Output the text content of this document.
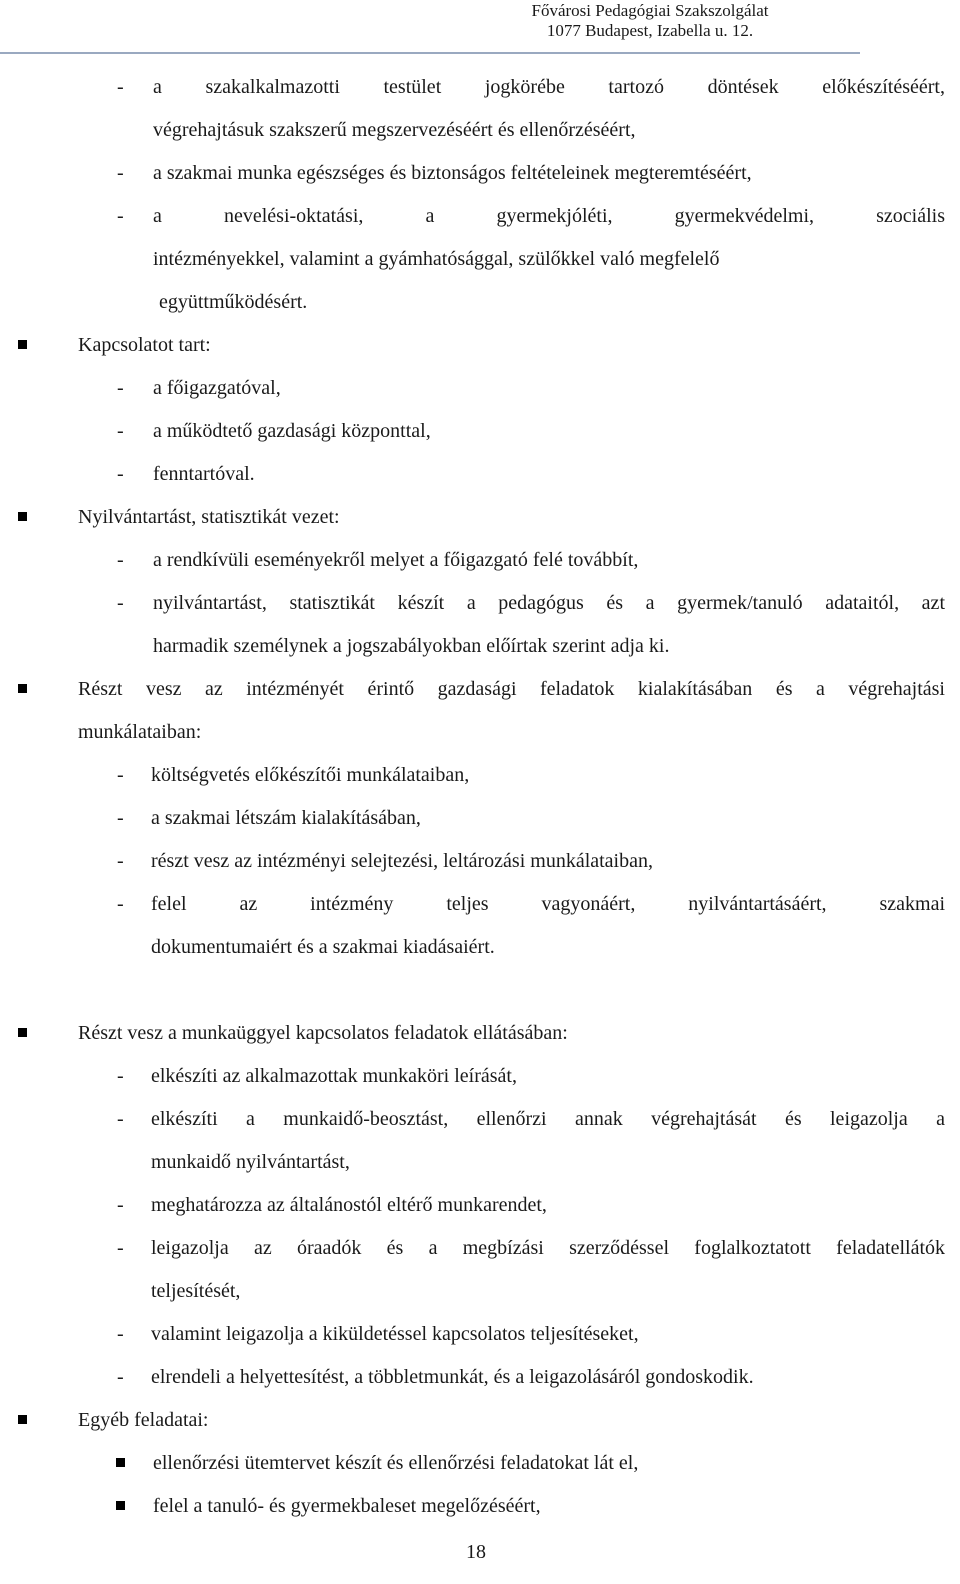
Fővárosi Pedagógiai Szakszolgálat
1077 Budapest, Izabella u. 12.
- a szakalkalmazotti testület jogkörébe tartozó döntések előkészítéséért,
végrehajtásuk szakszerű megszervezéséért és ellenőrzéséért,
- a szakmai munka egészséges és biztonságos feltételeinek megteremtéséért,
- a nevelési-oktatási, a gyermekjóléti, gyermekvédelmi, szociális
intézményekkel, valamint a gyámhatósággal, szülőkkel való megfelelő
együttműködésért.
Kapcsolatot tart:
- a főigazgatóval,
- a működtető gazdasági központtal,
- fenntartóval.
Nyilvántartást, statisztikát vezet:
- a rendkívüli eseményekről melyet a főigazgató felé továbbít,
- nyilvántartást, statisztikát készít a pedagógus és a gyermek/tanuló adataitól, azt
harmadik személynek a jogszabályokban előírtak szerint adja ki.
Részt vesz az intézményét érintő gazdasági feladatok kialakításában és a végrehajtási
munkálataiban:
- költségvetés előkészítői munkálataiban,
- a szakmai létszám kialakításában,
- részt vesz az intézményi selejtezési, leltározási munkálataiban,
- felel az intézmény teljes vagyonáért, nyilvántartásáért, szakmai
dokumentumaiért és a szakmai kiadásaiért.
Részt vesz a munkaüggyel kapcsolatos feladatok ellátásában:
- elkészíti az alkalmazottak munkaköri leírását,
- elkészíti a munkaidő-beosztást, ellenőrzi annak végrehajtását és leigazolja a
munkaidő nyilvántartást,
- meghatározza az általánostól eltérő munkarendet,
- leigazolja az óraadók és a megbízási szerződéssel foglalkoztatott feladatellátók
teljesítését,
- valamint leigazolja a kiküldetéssel kapcsolatos teljesítéseket,
- elrendeli a helyettesítést, a többletmunkát, és a leigazolásáról gondoskodik.
Egyéb feladatai:
ellenőrzési ütemtervet készít és ellenőrzési feladatokat lát el,
felel a tanuló- és gyermekbaleset megelőzéséért,
18
